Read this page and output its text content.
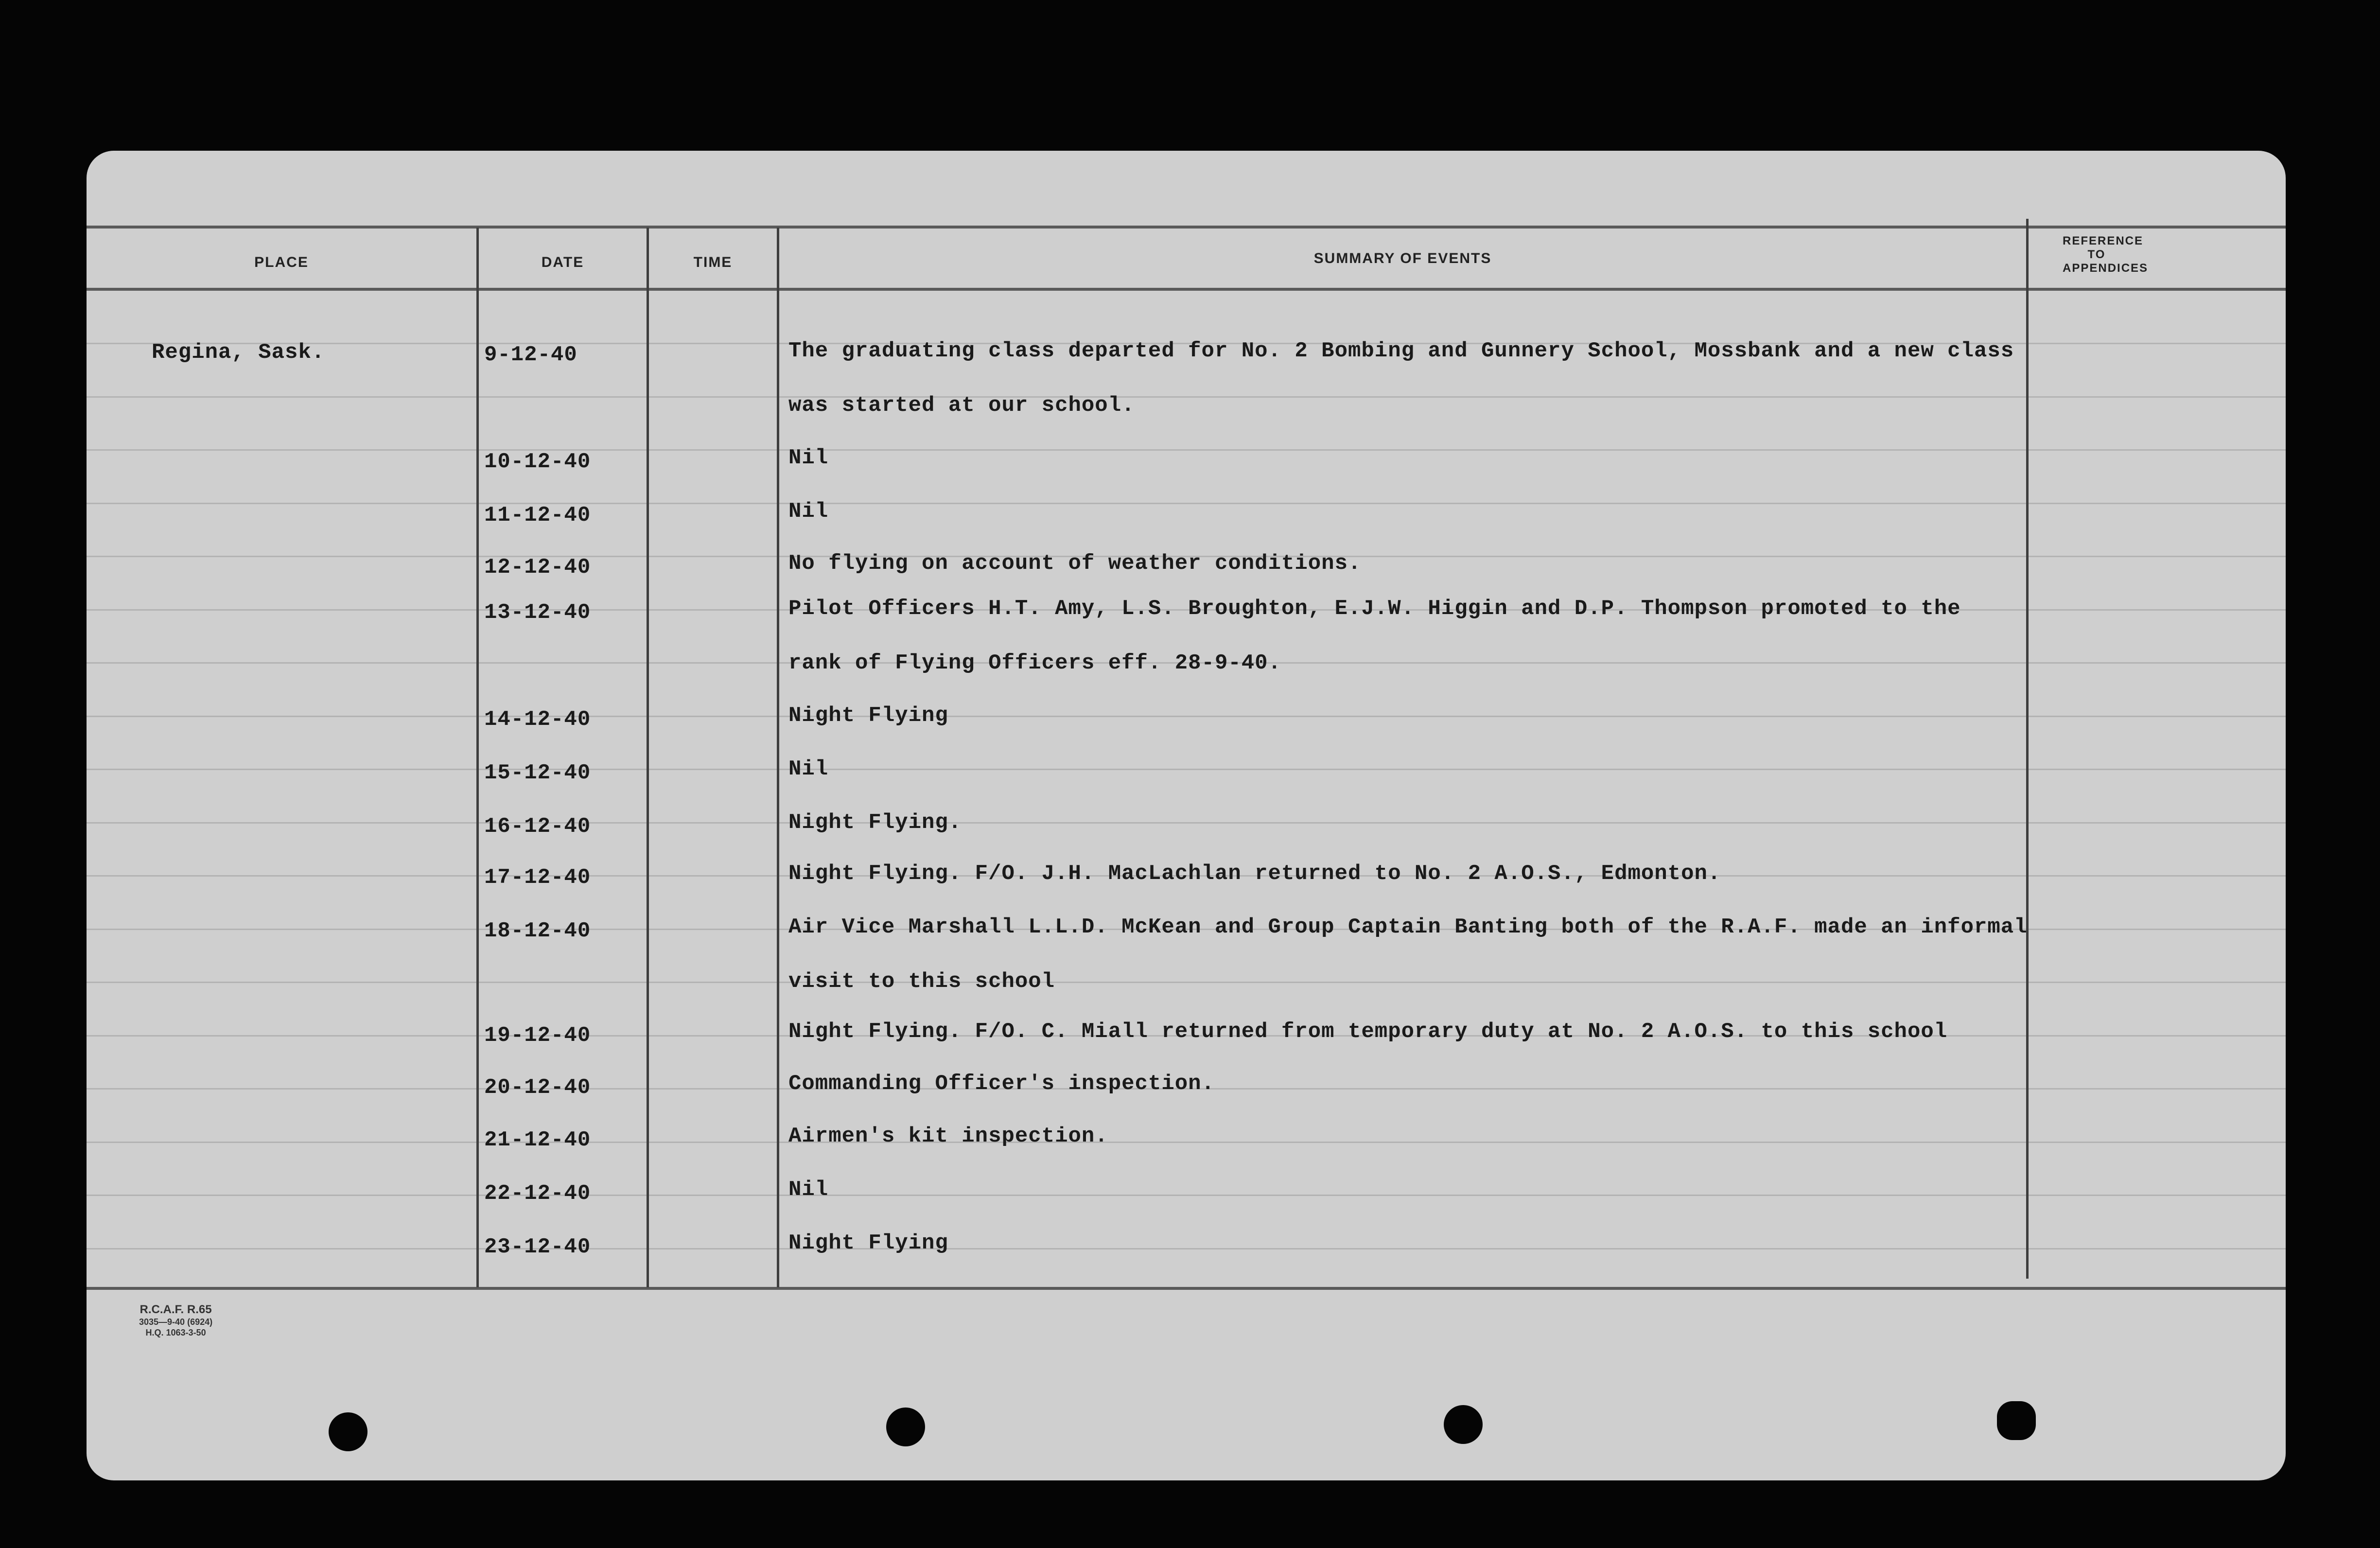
PLACE	DATE	TIME	SUMMARY OF EVENTS
REFERENCE TO APPENDICES
Regina, Sask.	9-12-40	The graduating class departed for No. 2 Bombing and Gunnery School, Mossbank and a new class
was started at our school.
10-12-40	Nil
11-12-40	Nil
12-12-40	No flying on account of weather conditions.
13-12-40	Pilot Officers H.T. Amy, L.S. Broughton, E.J.W. Higgin and D.P. Thompson promoted to the
rank of Flying Officers eff. 28-9-40.
14-12-40	Night Flying
15-12-40	Nil
16-12-40	Night Flying.
17-12-40	Night Flying. F/O. J.H. MacLachlan returned to No. 2 A.O.S., Edmonton.
18-12-40	Air Vice Marshall L.L.D. McKean and Group Captain Banting both of the R.A.F. made an informal
visit to this school
19-12-40	Night Flying. F/O. C. Miall returned from temporary duty at No. 2 A.O.S. to this school
20-12-40	Commanding Officer's inspection.
21-12-40	Airmen's kit inspection.
22-12-40	Nil
23-12-40	Night Flying
R.C.A.F. R.65
3035—9-40 (6924)
H.Q. 1063-3-50
